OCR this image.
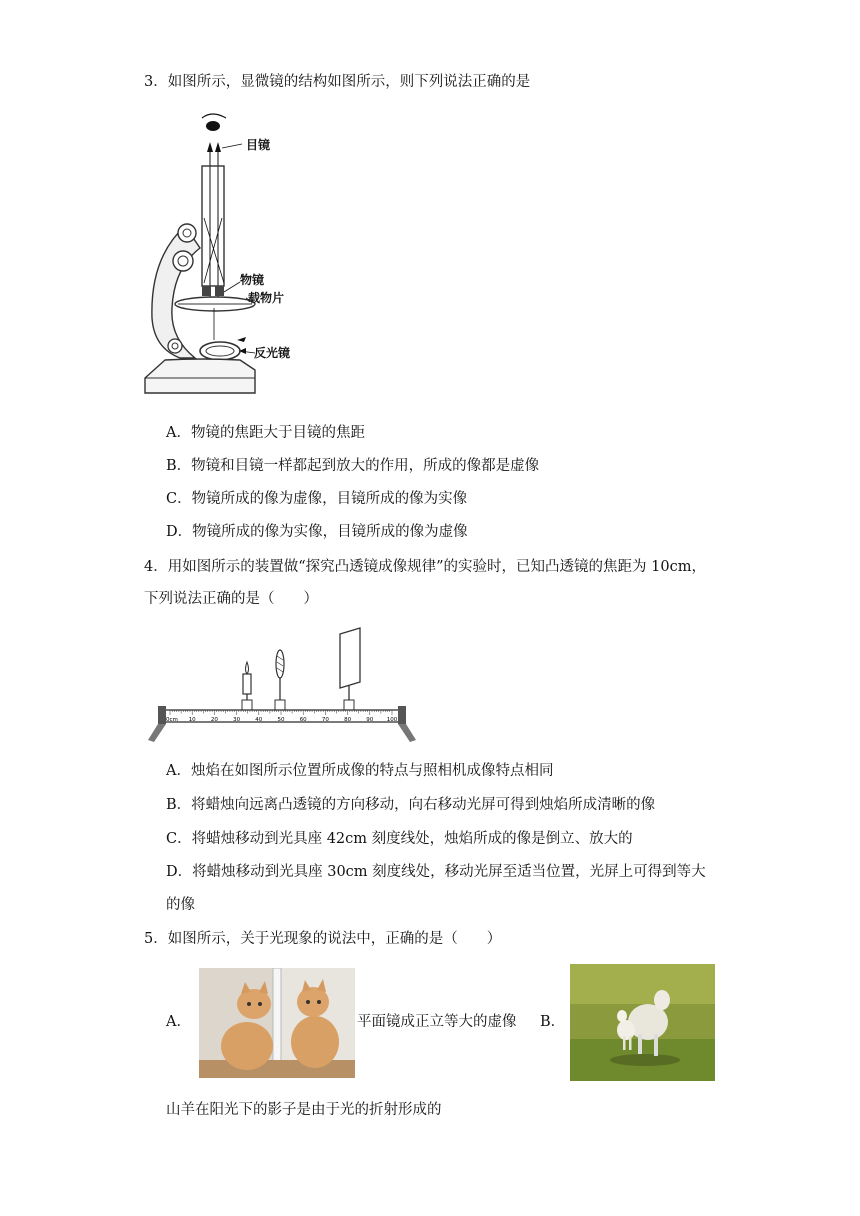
3．如图所示，显微镜的结构如图所示，则下列说法正确的是
目镜
物镜
载物片
反光镜
A．物镜的焦距大于目镜的焦距
B．物镜和目镜一样都起到放大的作用，所成的像都是虚像
C．物镜所成的像为虚像，目镜所成的像为实像
D．物镜所成的像为实像，目镜所成的像为虚像
4．用如图所示的装置做“探究凸透镜成像规律”的实验时，已知凸透镜的焦距为 10cm，
下列说法正确的是（　　）
0cm 10	20	30	40	50	60	70	80	90 100
A．烛焰在如图所示位置所成像的特点与照相机成像特点相同
B．将蜡烛向远离凸透镜的方向移动，向右移动光屏可得到烛焰所成清晰的像
C．将蜡烛移动到光具座 42cm 刻度线处，烛焰所成的像是倒立、放大的
D．将蜡烛移动到光具座 30cm 刻度线处，移动光屏至适当位置，光屏上可得到等大
的像
5．如图所示，关于光现象的说法中，正确的是（　　）
A．	平面镜成正立等大的虚像 B．
山羊在阳光下的影子是由于光的折射形成的
